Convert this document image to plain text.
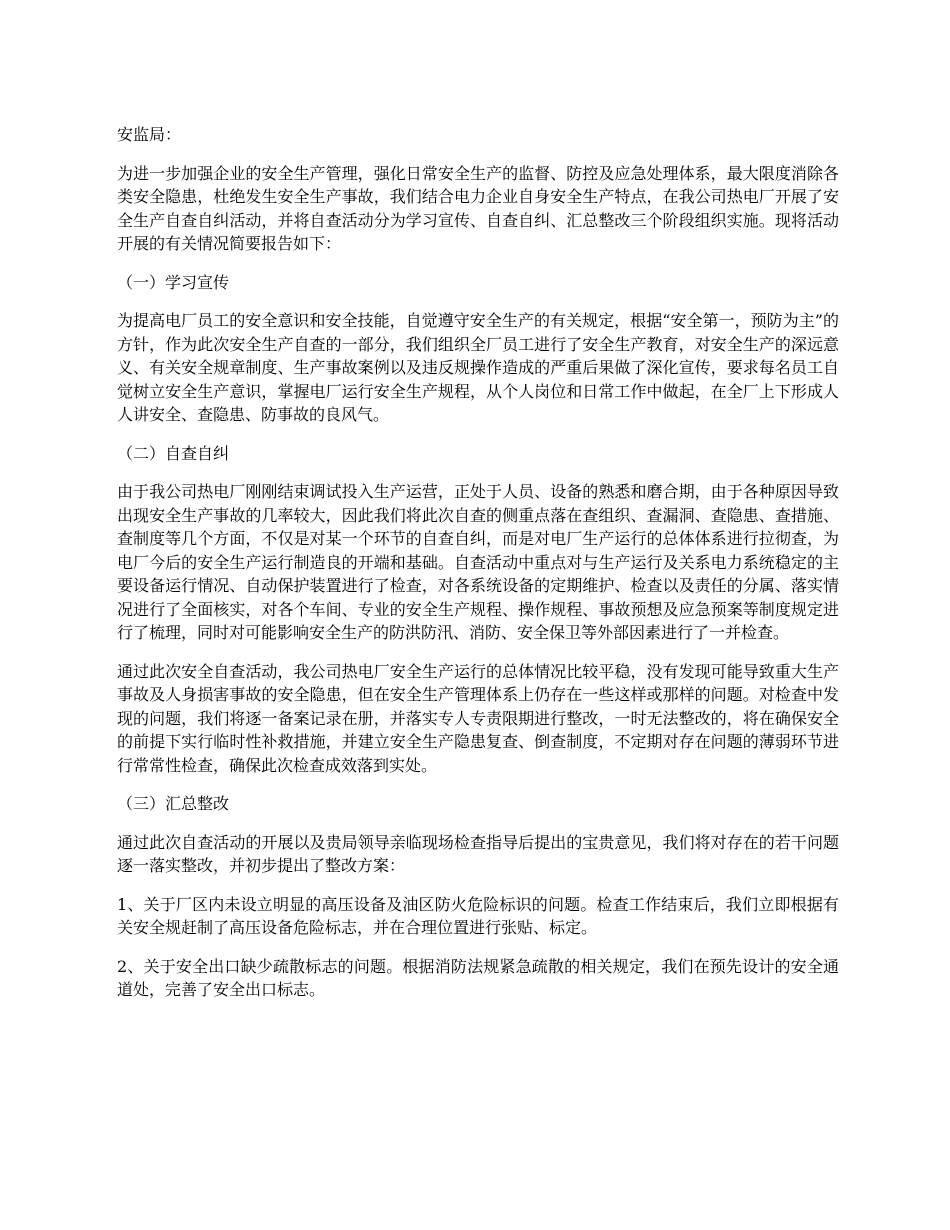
安监局：

为进一步加强企业的安全生产管理，强化日常安全生产的监督、防控及应急处理体系，最大限度消除各类安全隐患，杜绝发生安全生产事故，我们结合电力企业自身安全生产特点，在我公司热电厂开展了安全生产自查自纠活动，并将自查活动分为学习宣传、自查自纠、汇总整改三个阶段组织实施。现将活动开展的有关情况简要报告如下：

（一）学习宣传

为提高电厂员工的安全意识和安全技能，自觉遵守安全生产的有关规定，根据“安全第一，预防为主”的方针，作为此次安全生产自查的一部分，我们组织全厂员工进行了安全生产教育，对安全生产的深远意义、有关安全规章制度、生产事故案例以及违反规操作造成的严重后果做了深化宣传，要求每名员工自觉树立安全生产意识，掌握电厂运行安全生产规程，从个人岗位和日常工作中做起，在全厂上下形成人人讲安全、查隐患、防事故的良风气。

（二）自查自纠

由于我公司热电厂刚刚结束调试投入生产运营，正处于人员、设备的熟悉和磨合期，由于各种原因导致出现安全生产事故的几率较大，因此我们将此次自查的侧重点落在查组织、查漏洞、查隐患、查措施、查制度等几个方面，不仅是对某一个环节的自查自纠，而是对电厂生产运行的总体体系进行拉彻查，为电厂今后的安全生产运行制造良的开端和基础。自查活动中重点对与生产运行及关系电力系统稳定的主要设备运行情况、自动保护装置进行了检查，对各系统设备的定期维护、检查以及责任的分属、落实情况进行了全面核实，对各个车间、专业的安全生产规程、操作规程、事故预想及应急预案等制度规定进行了梳理，同时对可能影响安全生产的防洪防汛、消防、安全保卫等外部因素进行了一并检查。

通过此次安全自查活动，我公司热电厂安全生产运行的总体情况比较平稳，没有发现可能导致重大生产事故及人身损害事故的安全隐患，但在安全生产管理体系上仍存在一些这样或那样的问题。对检查中发现的问题，我们将逐一备案记录在册，并落实专人专责限期进行整改，一时无法整改的，将在确保安全的前提下实行临时性补救措施，并建立安全生产隐患复查、倒查制度，不定期对存在问题的薄弱环节进行常常性检查，确保此次检查成效落到实处。

（三）汇总整改

通过此次自查活动的开展以及贵局领导亲临现场检查指导后提出的宝贵意见，我们将对存在的若干问题逐一落实整改，并初步提出了整改方案：

1、关于厂区内未设立明显的高压设备及油区防火危险标识的问题。检查工作结束后，我们立即根据有关安全规赶制了高压设备危险标志，并在合理位置进行张贴、标定。

2、关于安全出口缺少疏散标志的问题。根据消防法规紧急疏散的相关规定，我们在预先设计的安全通道处，完善了安全出口标志。
